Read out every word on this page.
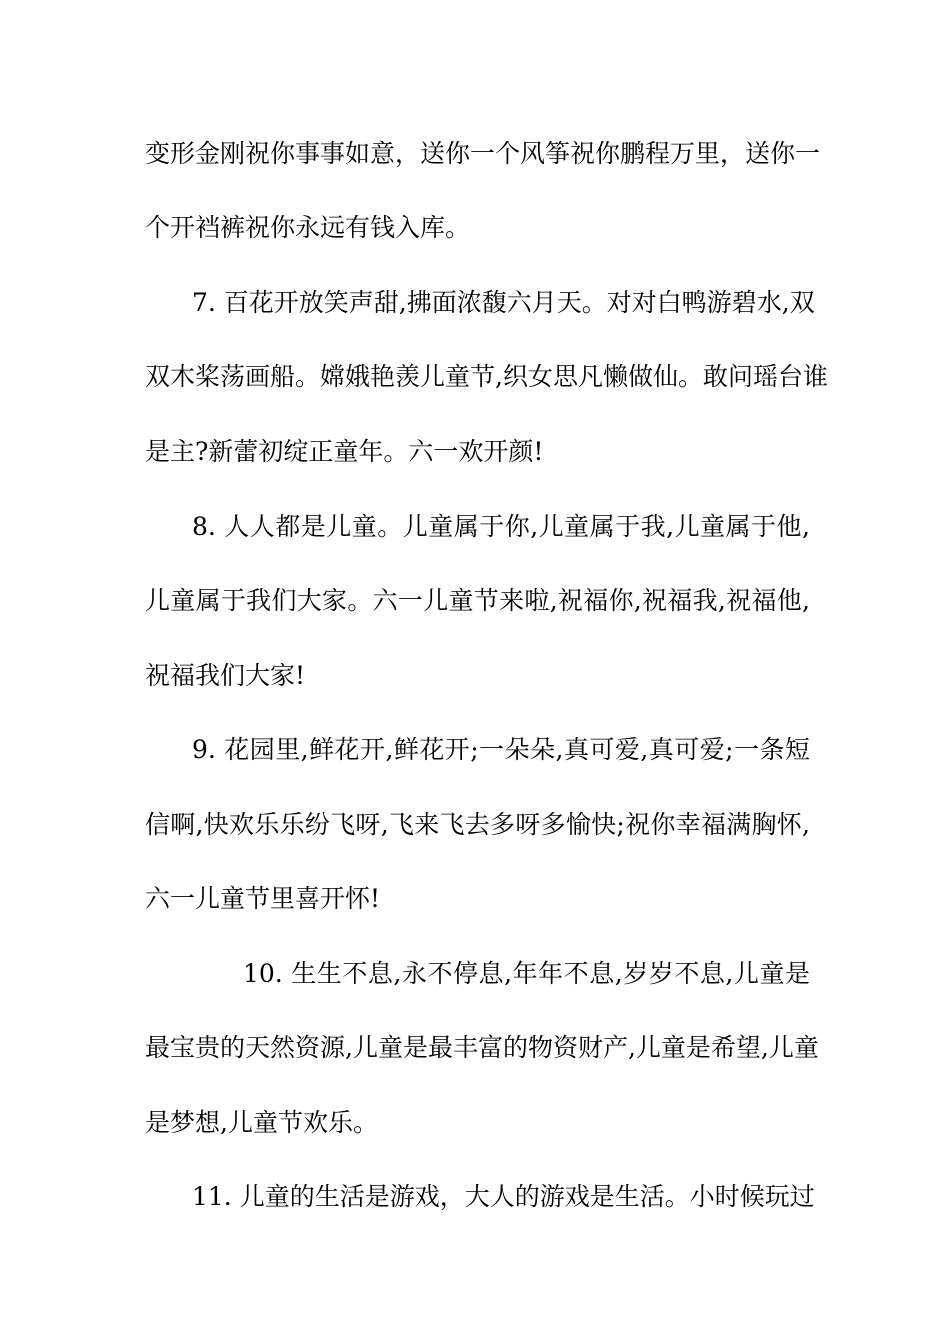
变形金刚祝你事事如意，送你一个风筝祝你鹏程万里，送你一
个开裆裤祝你永远有钱入库。
7. 百花开放笑声甜,拂面浓馥六月天。对对白鸭游碧水,双
双木桨荡画船。嫦娥艳羡儿童节,织女思凡懒做仙。敢问瑶台谁
是主?新蕾初绽正童年。六一欢开颜!
8. 人人都是儿童。儿童属于你,儿童属于我,儿童属于他,
儿童属于我们大家。六一儿童节来啦,祝福你,祝福我,祝福他,
祝福我们大家!
9. 花园里,鲜花开,鲜花开;一朵朵,真可爱,真可爱;一条短
信啊,快欢乐乐纷飞呀,飞来飞去多呀多愉快;祝你幸福满胸怀,
六一儿童节里喜开怀!
10. 生生不息,永不停息,年年不息,岁岁不息,儿童是
最宝贵的天然资源,儿童是最丰富的物资财产,儿童是希望,儿童
是梦想,儿童节欢乐。
11. 儿童的生活是游戏，大人的游戏是生活。小时候玩过
